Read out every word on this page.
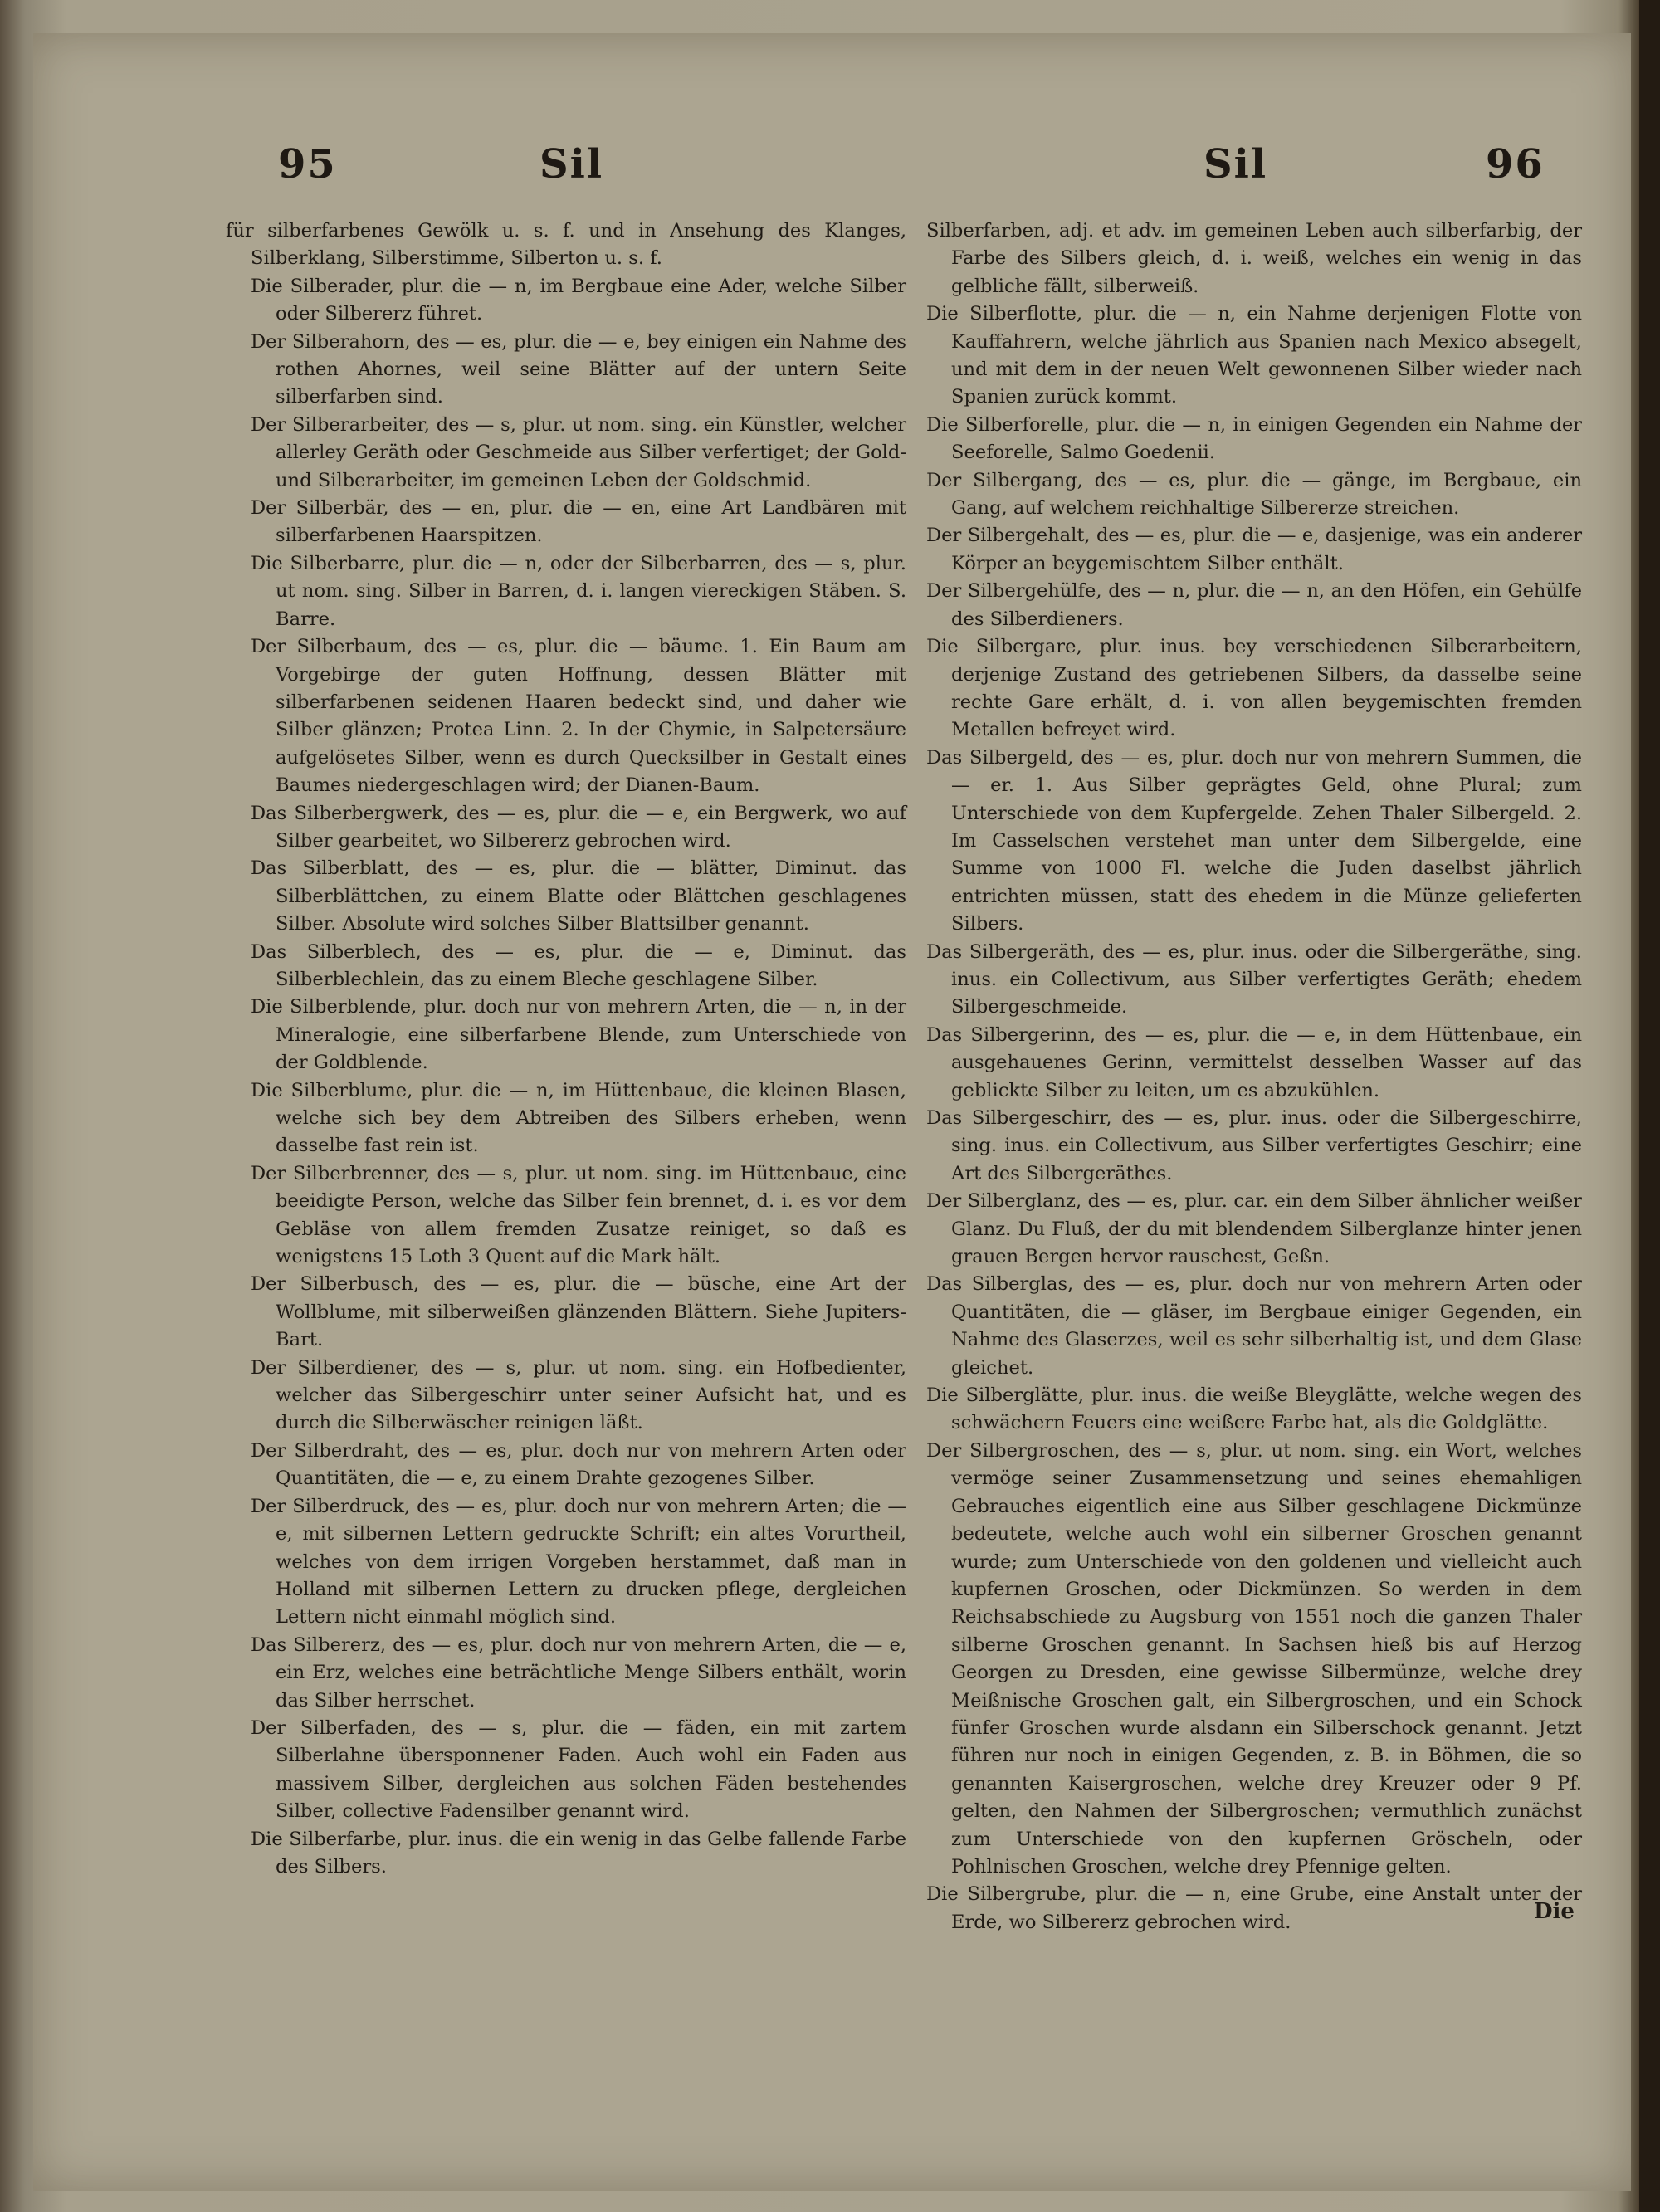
95	Sil	Sil	96

für silberfarbenes Gewölk u. s. f. und in Ansehung des Klanges, Silberklang, Silberstimme, Silberton u. s. f.

Die Silberader, plur. die — n, im Bergbaue eine Ader, welche Silber oder Silbererz führet.

Der Silberahorn, des — es, plur. die — e, bey einigen ein Nahme des rothen Ahornes, weil seine Blätter auf der untern Seite silberfarben sind.

Der Silberarbeiter, des — s, plur. ut nom. sing. ein Künstler, welcher allerley Geräth oder Geschmeide aus Silber verfertiget; der Gold- und Silberarbeiter, im gemeinen Leben der Goldschmid.

Der Silberbär, des — en, plur. die — en, eine Art Landbären mit silberfarbenen Haarspitzen.

Die Silberbarre, plur. die — n, oder der Silberbarren, des — s, plur. ut nom. sing. Silber in Barren, d. i. langen viereckigen Stäben. S. Barre.

Der Silberbaum, des — es, plur. die — bäume. 1. Ein Baum am Vorgebirge der guten Hoffnung, dessen Blätter mit silberfarbenen seidenen Haaren bedeckt sind, und daher wie Silber glänzen; Protea Linn. 2. In der Chymie, in Salpetersäure aufgelösetes Silber, wenn es durch Quecksilber in Gestalt eines Baumes niedergeschlagen wird; der Dianen-Baum.

Das Silberbergwerk, des — es, plur. die — e, ein Bergwerk, wo auf Silber gearbeitet, wo Silbererz gebrochen wird.

Das Silberblatt, des — es, plur. die — blätter, Diminut. das Silberblättchen, zu einem Blatte oder Blättchen geschlagenes Silber. Absolute wird solches Silber Blattsilber genannt.

Das Silberblech, des — es, plur. die — e, Diminut. das Silberblechlein, das zu einem Bleche geschlagene Silber.

Die Silberblende, plur. doch nur von mehrern Arten, die — n, in der Mineralogie, eine silberfarbene Blende, zum Unterschiede von der Goldblende.

Die Silberblume, plur. die — n, im Hüttenbaue, die kleinen Blasen, welche sich bey dem Abtreiben des Silbers erheben, wenn dasselbe fast rein ist.

Der Silberbrenner, des — s, plur. ut nom. sing. im Hüttenbaue, eine beeidigte Person, welche das Silber fein brennet, d. i. es vor dem Gebläse von allem fremden Zusatze reiniget, so daß es wenigstens 15 Loth 3 Quent auf die Mark hält.

Der Silberbusch, des — es, plur. die — büsche, eine Art der Wollblume, mit silberweißen glänzenden Blättern. Siehe Jupiters-Bart.

Der Silberdiener, des — s, plur. ut nom. sing. ein Hofbedienter, welcher das Silbergeschirr unter seiner Aufsicht hat, und es durch die Silberwäscher reinigen läßt.

Der Silberdraht, des — es, plur. doch nur von mehrern Arten oder Quantitäten, die — e, zu einem Drahte gezogenes Silber.

Der Silberdruck, des — es, plur. doch nur von mehrern Arten; die — e, mit silbernen Lettern gedruckte Schrift; ein altes Vorurtheil, welches von dem irrigen Vorgeben herstammet, daß man in Holland mit silbernen Lettern zu drucken pflege, dergleichen Lettern nicht einmahl möglich sind.

Das Silbererz, des — es, plur. doch nur von mehrern Arten, die — e, ein Erz, welches eine beträchtliche Menge Silbers enthält, worin das Silber herrschet.

Der Silberfaden, des — s, plur. die — fäden, ein mit zartem Silberlahne übersponnener Faden. Auch wohl ein Faden aus massivem Silber, dergleichen aus solchen Fäden bestehendes Silber, collective Fadensilber genannt wird.

Die Silberfarbe, plur. inus. die ein wenig in das Gelbe fallende Farbe des Silbers.

Silberfarben, adj. et adv. im gemeinen Leben auch silberfarbig, der Farbe des Silbers gleich, d. i. weiß, welches ein wenig in das gelbliche fällt, silberweiß.

Die Silberflotte, plur. die — n, ein Nahme derjenigen Flotte von Kauffahrern, welche jährlich aus Spanien nach Mexico absegelt, und mit dem in der neuen Welt gewonnenen Silber wieder nach Spanien zurück kommt.

Die Silberforelle, plur. die — n, in einigen Gegenden ein Nahme der Seeforelle, Salmo Goedenii.

Der Silbergang, des — es, plur. die — gänge, im Bergbaue, ein Gang, auf welchem reichhaltige Silbererze streichen.

Der Silbergehalt, des — es, plur. die — e, dasjenige, was ein anderer Körper an beygemischtem Silber enthält.

Der Silbergehülfe, des — n, plur. die — n, an den Höfen, ein Gehülfe des Silberdieners.

Die Silbergare, plur. inus. bey verschiedenen Silberarbeitern, derjenige Zustand des getriebenen Silbers, da dasselbe seine rechte Gare erhält, d. i. von allen beygemischten fremden Metallen befreyet wird.

Das Silbergeld, des — es, plur. doch nur von mehrern Summen, die — er. 1. Aus Silber geprägtes Geld, ohne Plural; zum Unterschiede von dem Kupfergelde. Zehen Thaler Silbergeld. 2. Im Casselschen verstehet man unter dem Silbergelde, eine Summe von 1000 Fl. welche die Juden daselbst jährlich entrichten müssen, statt des ehedem in die Münze gelieferten Silbers.

Das Silbergeräth, des — es, plur. inus. oder die Silbergeräthe, sing. inus. ein Collectivum, aus Silber verfertigtes Geräth; ehedem Silbergeschmeide.

Das Silbergerinn, des — es, plur. die — e, in dem Hüttenbaue, ein ausgehauenes Gerinn, vermittelst desselben Wasser auf das geblickte Silber zu leiten, um es abzukühlen.

Das Silbergeschirr, des — es, plur. inus. oder die Silbergeschirre, sing. inus. ein Collectivum, aus Silber verfertigtes Geschirr; eine Art des Silbergeräthes.

Der Silberglanz, des — es, plur. car. ein dem Silber ähnlicher weißer Glanz. Du Fluß, der du mit blendendem Silberglanze hinter jenen grauen Bergen hervor rauschest, Geßn.

Das Silberglas, des — es, plur. doch nur von mehrern Arten oder Quantitäten, die — gläser, im Bergbaue einiger Gegenden, ein Nahme des Glaserzes, weil es sehr silberhaltig ist, und dem Glase gleichet.

Die Silberglätte, plur. inus. die weiße Bleyglätte, welche wegen des schwächern Feuers eine weißere Farbe hat, als die Goldglätte.

Der Silbergroschen, des — s, plur. ut nom. sing. ein Wort, welches vermöge seiner Zusammensetzung und seines ehemahligen Gebrauches eigentlich eine aus Silber geschlagene Dickmünze bedeutete, welche auch wohl ein silberner Groschen genannt wurde; zum Unterschiede von den goldenen und vielleicht auch kupfernen Groschen, oder Dickmünzen. So werden in dem Reichsabschiede zu Augsburg von 1551 noch die ganzen Thaler silberne Groschen genannt. In Sachsen hieß bis auf Herzog Georgen zu Dresden, eine gewisse Silbermünze, welche drey Meißnische Groschen galt, ein Silbergroschen, und ein Schock fünfer Groschen wurde alsdann ein Silberschock genannt. Jetzt führen nur noch in einigen Gegenden, z. B. in Böhmen, die so genannten Kaisergroschen, welche drey Kreuzer oder 9 Pf. gelten, den Nahmen der Silbergroschen; vermuthlich zunächst zum Unterschiede von den kupfernen Gröscheln, oder Pohlnischen Groschen, welche drey Pfennige gelten.

Die Silbergrube, plur. die — n, eine Grube, eine Anstalt unter der Erde, wo Silbererz gebrochen wird.	Die
